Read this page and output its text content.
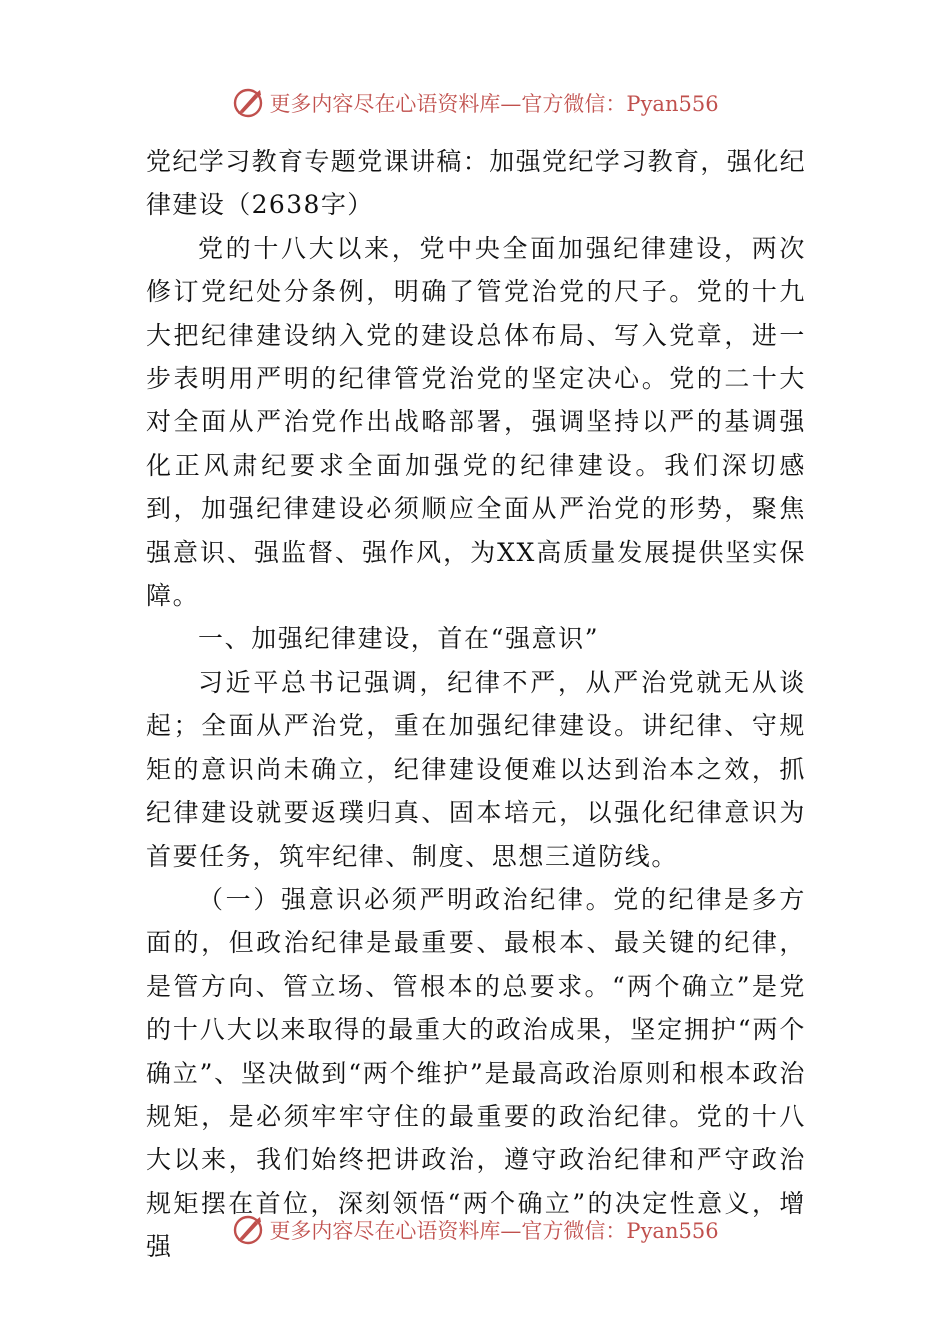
更多内容尽在心语资料库—官方微信：Pyan556

党纪学习教育专题党课讲稿：加强党纪学习教育，强化纪律建设（2638字）

党的十八大以来，党中央全面加强纪律建设，两次修订党纪处分条例，明确了管党治党的尺子。党的十九大把纪律建设纳入党的建设总体布局、写入党章，进一步表明用严明的纪律管党治党的坚定决心。党的二十大对全面从严治党作出战略部署，强调坚持以严的基调强化正风肃纪要求全面加强党的纪律建设。我们深切感到，加强纪律建设必须顺应全面从严治党的形势，聚焦强意识、强监督、强作风，为XX高质量发展提供坚实保障。

一、加强纪律建设，首在“强意识”

习近平总书记强调，纪律不严，从严治党就无从谈起；全面从严治党，重在加强纪律建设。讲纪律、守规矩的意识尚未确立，纪律建设便难以达到治本之效，抓纪律建设就要返璞归真、固本培元，以强化纪律意识为首要任务，筑牢纪律、制度、思想三道防线。

（一）强意识必须严明政治纪律。党的纪律是多方面的，但政治纪律是最重要、最根本、最关键的纪律，是管方向、管立场、管根本的总要求。“两个确立”是党的十八大以来取得的最重大的政治成果，坚定拥护“两个确立”、坚决做到“两个维护”是最高政治原则和根本政治规矩，是必须牢牢守住的最重要的政治纪律。党的十八大以来，我们始终把讲政治，遵守政治纪律和严守政治规矩摆在首位，深刻领悟“两个确立”的决定性意义，增强

更多内容尽在心语资料库—官方微信：Pyan556
